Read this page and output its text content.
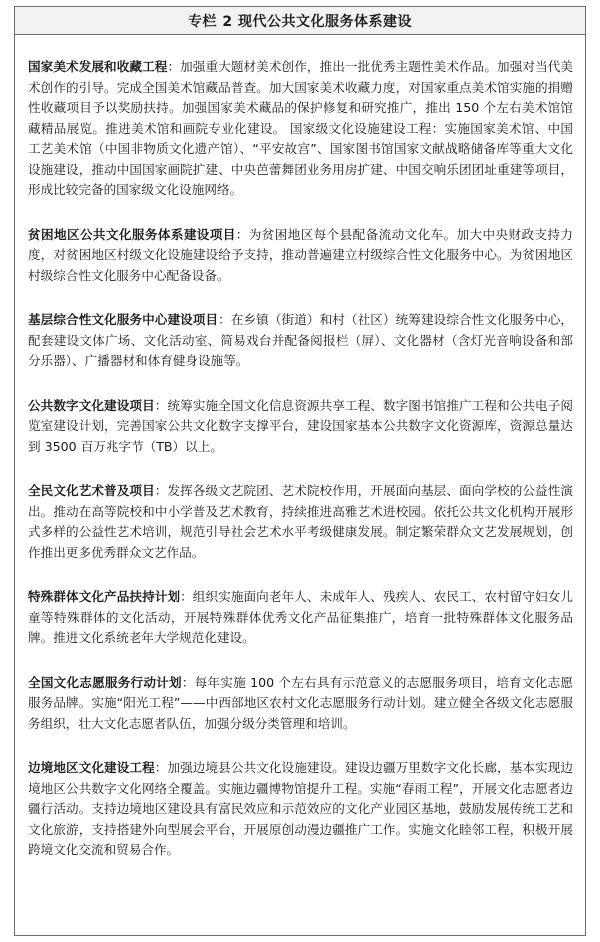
专栏 2 现代公共文化服务体系建设

国家美术发展和收藏工程：加强重大题材美术创作，推出一批优秀主题性美术作品。加强对当代美术创作的引导。完成全国美术馆藏品普查。加大国家美术收藏力度，对国家重点美术馆实施的捐赠性收藏项目予以奖励扶持。加强国家美术藏品的保护修复和研究推广，推出 150 个左右美术馆馆藏精品展览。推进美术馆和画院专业化建设。 国家级文化设施建设工程：实施国家美术馆、中国工艺美术馆（中国非物质文化遗产馆）、“平安故宫”、国家图书馆国家文献战略储备库等重大文化设施建设，推动中国国家画院扩建、中央芭蕾舞团业务用房扩建、中国交响乐团团址重建等项目，形成比较完备的国家级文化设施网络。

贫困地区公共文化服务体系建设项目：为贫困地区每个县配备流动文化车。加大中央财政支持力度，对贫困地区村级文化设施建设给予支持，推动普遍建立村级综合性文化服务中心。为贫困地区村级综合性文化服务中心配备设备。

基层综合性文化服务中心建设项目：在乡镇（街道）和村（社区）统筹建设综合性文化服务中心，配套建设文体广场、文化活动室、简易戏台并配备阅报栏（屏）、文化器材（含灯光音响设备和部分乐器）、广播器材和体育健身设施等。

公共数字文化建设项目：统筹实施全国文化信息资源共享工程、数字图书馆推广工程和公共电子阅览室建设计划，完善国家公共文化数字支撑平台，建设国家基本公共数字文化资源库，资源总量达到 3500 百万兆字节（TB）以上。

全民文化艺术普及项目：发挥各级文艺院团、艺术院校作用，开展面向基层、面向学校的公益性演出。推动在高等院校和中小学普及艺术教育，持续推进高雅艺术进校园。依托公共文化机构开展形式多样的公益性艺术培训，规范引导社会艺术水平考级健康发展。制定繁荣群众文艺发展规划，创作推出更多优秀群众文艺作品。

特殊群体文化产品扶持计划：组织实施面向老年人、未成年人、残疾人、农民工、农村留守妇女儿童等特殊群体的文化活动，开展特殊群体优秀文化产品征集推广，培育一批特殊群体文化服务品牌。推进文化系统老年大学规范化建设。

全国文化志愿服务行动计划：每年实施 100 个左右具有示范意义的志愿服务项目，培育文化志愿服务品牌。实施“阳光工程”——中西部地区农村文化志愿服务行动计划。建立健全各级文化志愿服务组织，壮大文化志愿者队伍，加强分级分类管理和培训。

边境地区文化建设工程：加强边境县公共文化设施建设。建设边疆万里数字文化长廊，基本实现边境地区公共数字文化网络全覆盖。实施边疆博物馆提升工程。实施“春雨工程”，开展文化志愿者边疆行活动。支持边境地区建设具有富民效应和示范效应的文化产业园区基地，鼓励发展传统工艺和文化旅游，支持搭建外向型展会平台，开展原创动漫边疆推广工作。实施文化睦邻工程，积极开展跨境文化交流和贸易合作。
